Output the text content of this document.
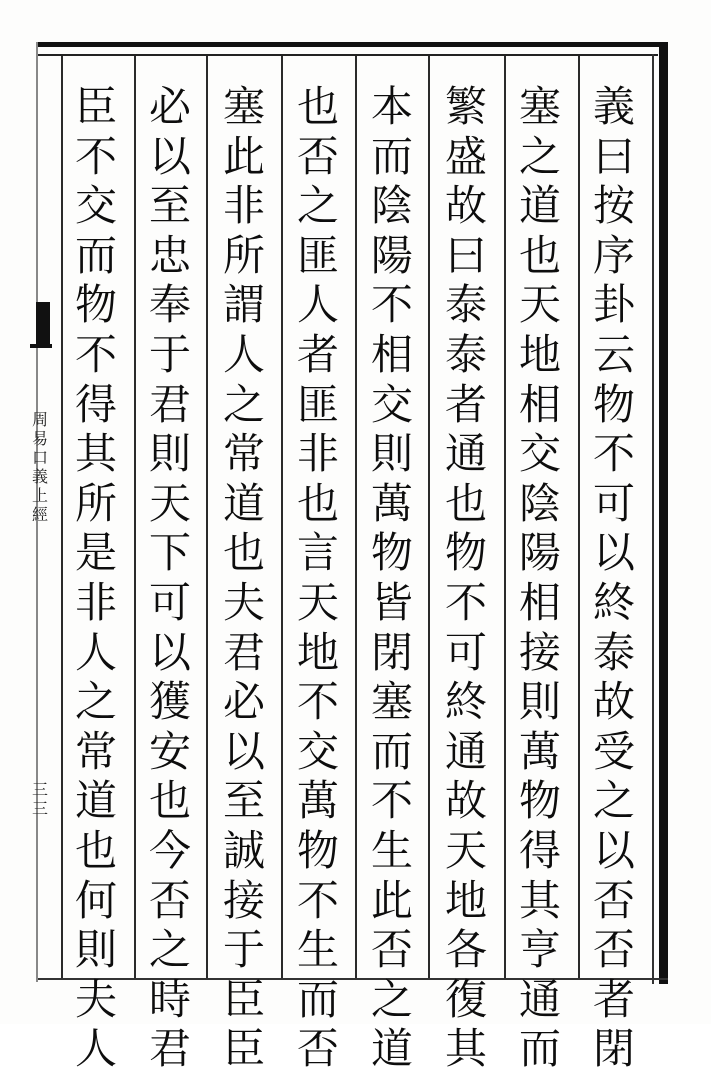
義
曰
按
序
卦
云
物
不
可
以
終
泰
故
受
之
以
否
否
者
閉
塞
之
道
也
天
地
相
交
陰
陽
相
接
則
萬
物
得
其
亨
通
而
繁
盛
故
曰
泰
泰
者
通
也
物
不
可
終
通
故
天
地
各
復
其
本
而
陰
陽
不
相
交
則
萬
物
皆
閉
塞
而
不
生
此
否
之
道
也
否
之
匪
人
者
匪
非
也
言
天
地
不
交
萬
物
不
生
而
否
塞
此
非
所
謂
人
之
常
道
也
夫
君
必
以
至
誠
接
于
臣
臣
必
以
至
忠
奉
于
君
則
天
下
可
以
獲
安
也
今
否
之
時
君
臣
不
交
而
物
不
得
其
所
是
非
人
之
常
道
也
何
則
夫
人
周
易
口
義
上
經
三
三
